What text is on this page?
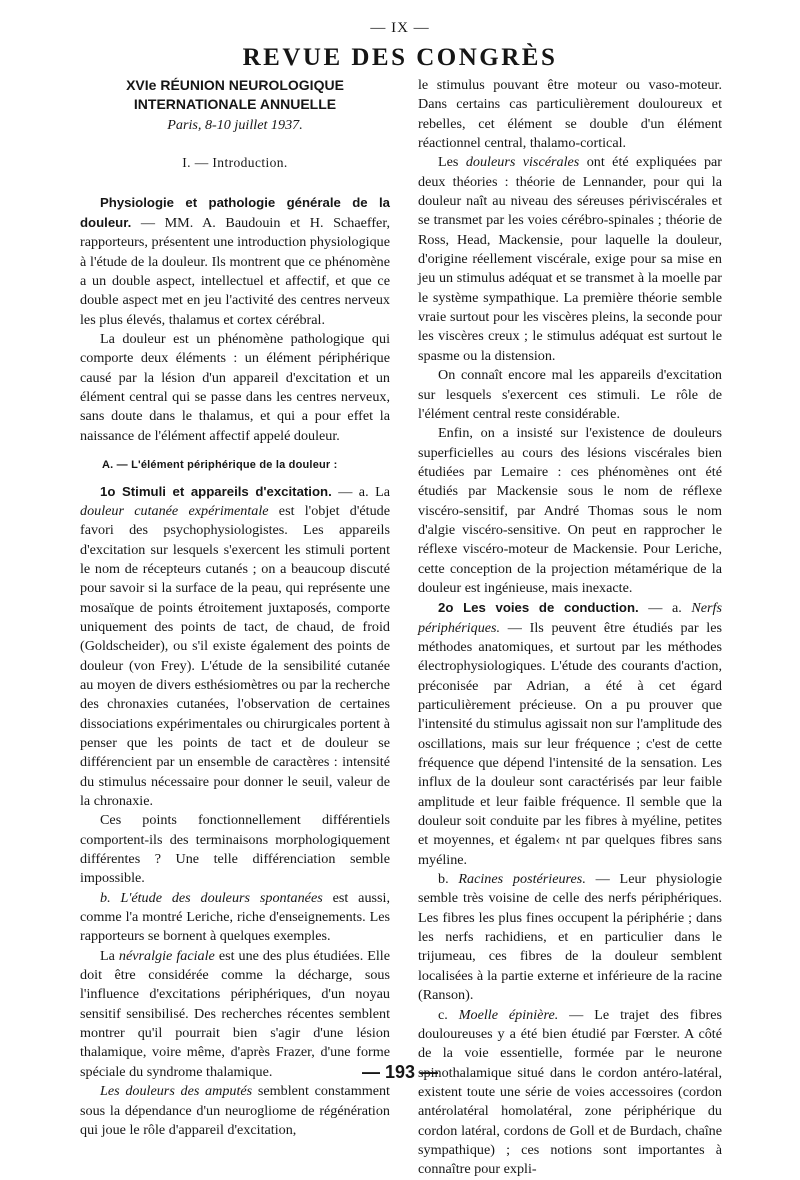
— IX —
REVUE DES CONGRÈS
XVIe RÉUNION NEUROLOGIQUE
INTERNATIONALE ANNUELLE
Paris, 8-10 juillet 1937.
I. — Introduction.

Physiologie et pathologie générale de la douleur. — MM. A. Baudouin et H. Schaeffer, rapporteurs, présentent une introduction physiologique à l'étude de la douleur. Ils montrent que ce phénomène a un double aspect, intellectuel et affectif, et que ce double aspect met en jeu l'activité des centres nerveux les plus élevés, thalamus et cortex cérébral.

La douleur est un phénomène pathologique qui comporte deux éléments : un élément périphérique causé par la lésion d'un appareil d'excitation et un élément central qui se passe dans les centres nerveux, sans doute dans le thalamus, et qui a pour effet la naissance de l'élément affectif appelé douleur.

A. — L'élément périphérique de la douleur :

1o Stimuli et appareils d'excitation. — a. La douleur cutanée expérimentale est l'objet d'étude favori des psychophysiologistes. Les appareils d'excitation sur lesquels s'exercent les stimuli portent le nom de récepteurs cutanés ; on a beaucoup discuté pour savoir si la surface de la peau, qui représente une mosaïque de points étroitement juxtaposés, comporte uniquement des points de tact, de chaud, de froid (Goldscheider), ou s'il existe également des points de douleur (von Frey). L'étude de la sensibilité cutanée au moyen de divers esthésiomètres ou par la recherche des chronaxies cutanées, l'observation de certaines dissociations expérimentales ou chirurgicales portent à penser que les points de tact et de douleur se différencient par un ensemble de caractères : intensité du stimulus nécessaire pour donner le seuil, valeur de la chronaxie.

Ces points fonctionnellement différentiels comportent-ils des terminaisons morphologiquement différentes ? Une telle différenciation semble impossible.

b. L'étude des douleurs spontanées est aussi, comme l'a montré Leriche, riche d'enseignements. Les rapporteurs se bornent à quelques exemples.

La névralgie faciale est une des plus étudiées. Elle doit être considérée comme la décharge, sous l'influence d'excitations périphériques, d'un noyau sensitif sensibilisé. Des recherches récentes semblent montrer qu'il pourrait bien s'agir d'une lésion thalamique, voire même, d'après Frazer, d'une forme spéciale du syndrome thalamique.

Les douleurs des amputés semblent constamment sous la dépendance d'un neurogliome de régénération qui joue le rôle d'appareil d'excitation,

le stimulus pouvant être moteur ou vaso-moteur. Dans certains cas particulièrement douloureux et rebelles, cet élément se double d'un élément réactionnel central, thalamo-cortical.

Les douleurs viscérales ont été expliquées par deux théories : théorie de Lennander, pour qui la douleur naît au niveau des séreuses périviscérales et se transmet par les voies cérébro-spinales ; théorie de Ross, Head, Mackensie, pour laquelle la douleur, d'origine réellement viscérale, exige pour sa mise en jeu un stimulus adéquat et se transmet à la moelle par le système sympathique. La première théorie semble vraie surtout pour les viscères pleins, la seconde pour les viscères creux ; le stimulus adéquat est surtout le spasme ou la distension.

On connaît encore mal les appareils d'excitation sur lesquels s'exercent ces stimuli. Le rôle de l'élément central reste considérable.

Enfin, on a insisté sur l'existence de douleurs superficielles au cours des lésions viscérales bien étudiées par Lemaire : ces phénomènes ont été étudiés par Mackensie sous le nom de réflexe viscéro-sensitif, par André Thomas sous le nom d'algie viscéro-sensitive. On peut en rapprocher le réflexe viscéro-moteur de Mackensie. Pour Leriche, cette conception de la projection métamérique de la douleur est ingénieuse, mais inexacte.

2o Les voies de conduction. — a. Nerfs périphériques. — Ils peuvent être étudiés par les méthodes anatomiques, et surtout par les méthodes électrophysiologiques. L'étude des courants d'action, préconisée par Adrian, a été à cet égard particulièrement précieuse. On a pu prouver que l'intensité du stimulus agissait non sur l'amplitude des oscillations, mais sur leur fréquence ; c'est de cette fréquence que dépend l'intensité de la sensation. Les influx de la douleur sont caractérisés par leur faible amplitude et leur faible fréquence. Il semble que la douleur soit conduite par les fibres à myéline, petites et moyennes, et égalem‹ nt par quelques fibres sans myéline.

b. Racines postérieures. — Leur physiologie semble très voisine de celle des nerfs périphériques. Les fibres les plus fines occupent la périphérie ; dans les nerfs rachidiens, et en particulier dans le trijumeau, ces fibres de la douleur semblent localisées à la partie externe et inférieure de la racine (Ranson).

c. Moelle épinière. — Le trajet des fibres douloureuses y a été bien étudié par Fœrster. A côté de la voie essentielle, formée par le neurone spinothalamique situé dans le cordon antéro-latéral, existent toute une série de voies accessoires (cordon antérolatéral homolatéral, zone périphérique du cordon latéral, cordons de Goll et de Burdach, chaîne sympathique) ; ces notions sont importantes à connaître pour expli-

— 193 —
